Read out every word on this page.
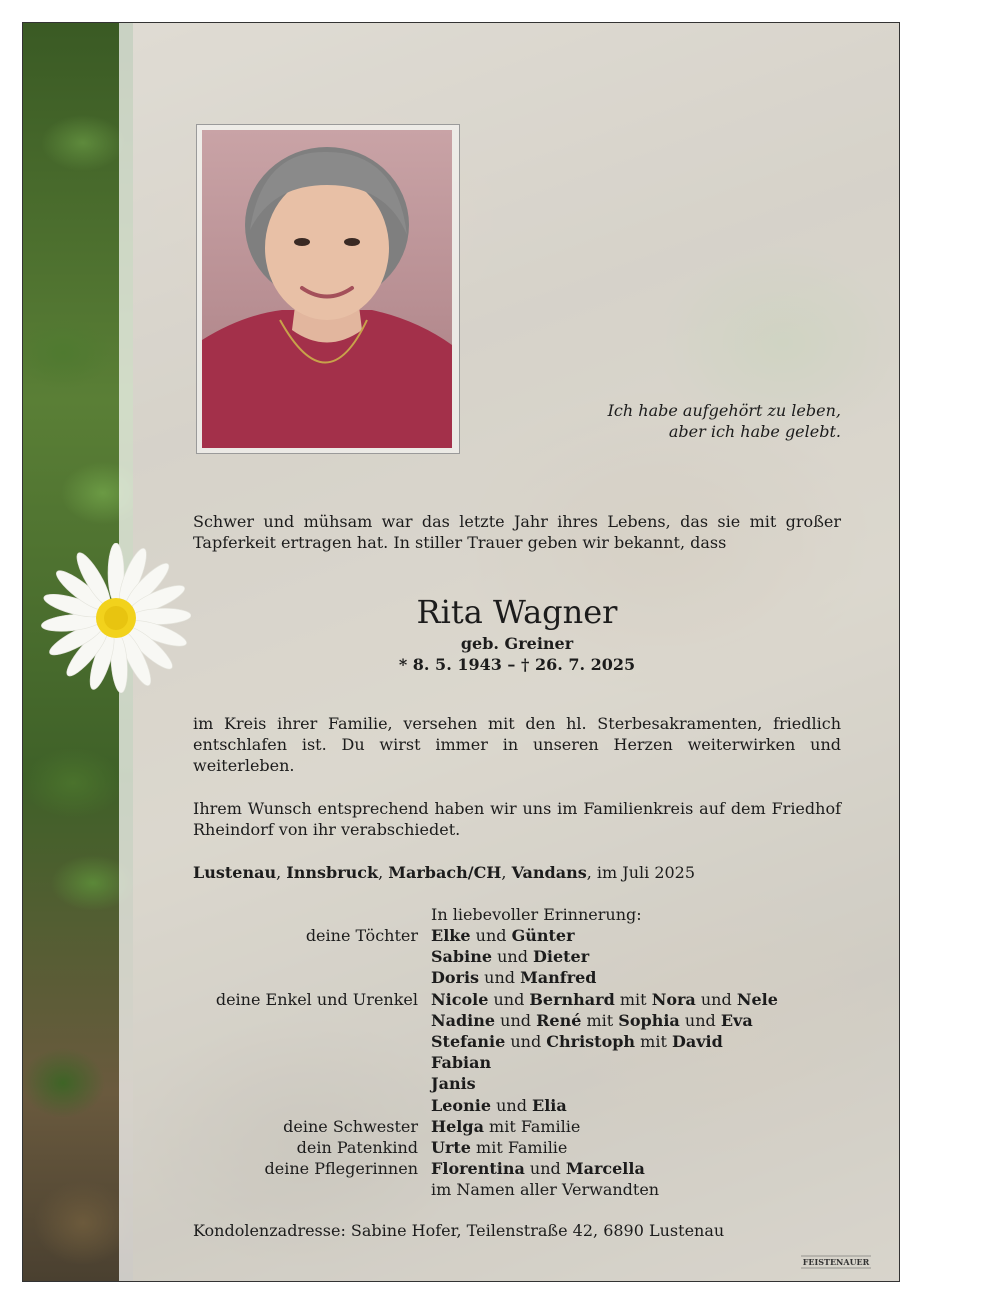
Ich habe aufgehört zu leben,
aber ich habe gelebt.
Schwer und mühsam war das letzte Jahr ihres Lebens, das sie mit großer Tapferkeit ertragen hat. In stiller Trauer geben wir bekannt, dass
Rita Wagner
geb. Greiner
* 8. 5. 1943 – † 26. 7. 2025
im Kreis ihrer Familie, versehen mit den hl. Sterbesakramenten, friedlich entschlafen ist. Du wirst immer in unseren Herzen weiterwirken und weiterleben.
Ihrem Wunsch entsprechend haben wir uns im Familienkreis auf dem Friedhof Rheindorf von ihr verabschiedet.
Lustenau, Innsbruck, Marbach/CH, Vandans, im Juli 2025
In liebevoller Erinnerung:
deine Töchter Elke und Günter
Sabine und Dieter
Doris und Manfred
deine Enkel und Urenkel Nicole und Bernhard mit Nora und Nele
Nadine und René mit Sophia und Eva
Stefanie und Christoph mit David
Fabian
Janis
Leonie und Elia
deine Schwester Helga mit Familie
dein Patenkind Urte mit Familie
deine Pflegerinnen Florentina und Marcella
im Namen aller Verwandten
Kondolenzadresse: Sabine Hofer, Teilenstraße 42, 6890 Lustenau
FEISTENAUER
